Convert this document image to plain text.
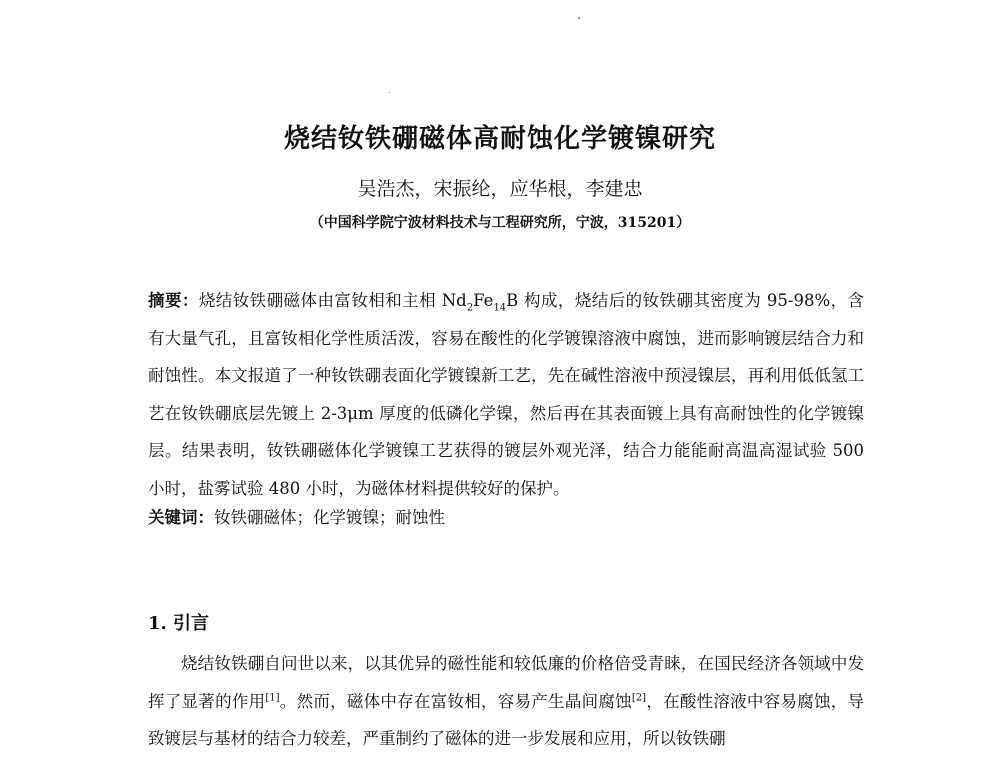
烧结钕铁硼磁体高耐蚀化学镀镍研究
吴浩杰，宋振纶，应华根，李建忠
（中国科学院宁波材料技术与工程研究所，宁波，315201）
摘要：烧结钕铁硼磁体由富钕相和主相 $Nd_2Fe_{14}B$ 构成，烧结后的钕铁硼其密度为 95-98%，含有大量气孔，且富钕相化学性质活泼，容易在酸性的化学镀镍溶液中腐蚀，进而影响镀层结合力和耐蚀性。本文报道了一种钕铁硼表面化学镀镍新工艺，先在碱性溶液中预浸镍层，再利用低低氢工艺在钕铁硼底层先镀上 2-3μm 厚度的低磷化学镍，然后再在其表面镀上具有高耐蚀性的化学镀镍层。结果表明，钕铁硼磁体化学镀镍工艺获得的镀层外观光泽，结合力能能耐高温高湿试验 500 小时，盐雾试验 480 小时，为磁体材料提供较好的保护。
关键词：钕铁硼磁体；化学镀镍；耐蚀性
1. 引言
烧结钕铁硼自问世以来，以其优异的磁性能和较低廉的价格倍受青睐，在国民经济各领域中发挥了显著的作用[1]。然而，磁体中存在富钕相，容易产生晶间腐蚀[2]，在酸性溶液中容易腐蚀，导致镀层与基材的结合力较差，严重制约了磁体的进一步发展和应用，所以钕铁硼
